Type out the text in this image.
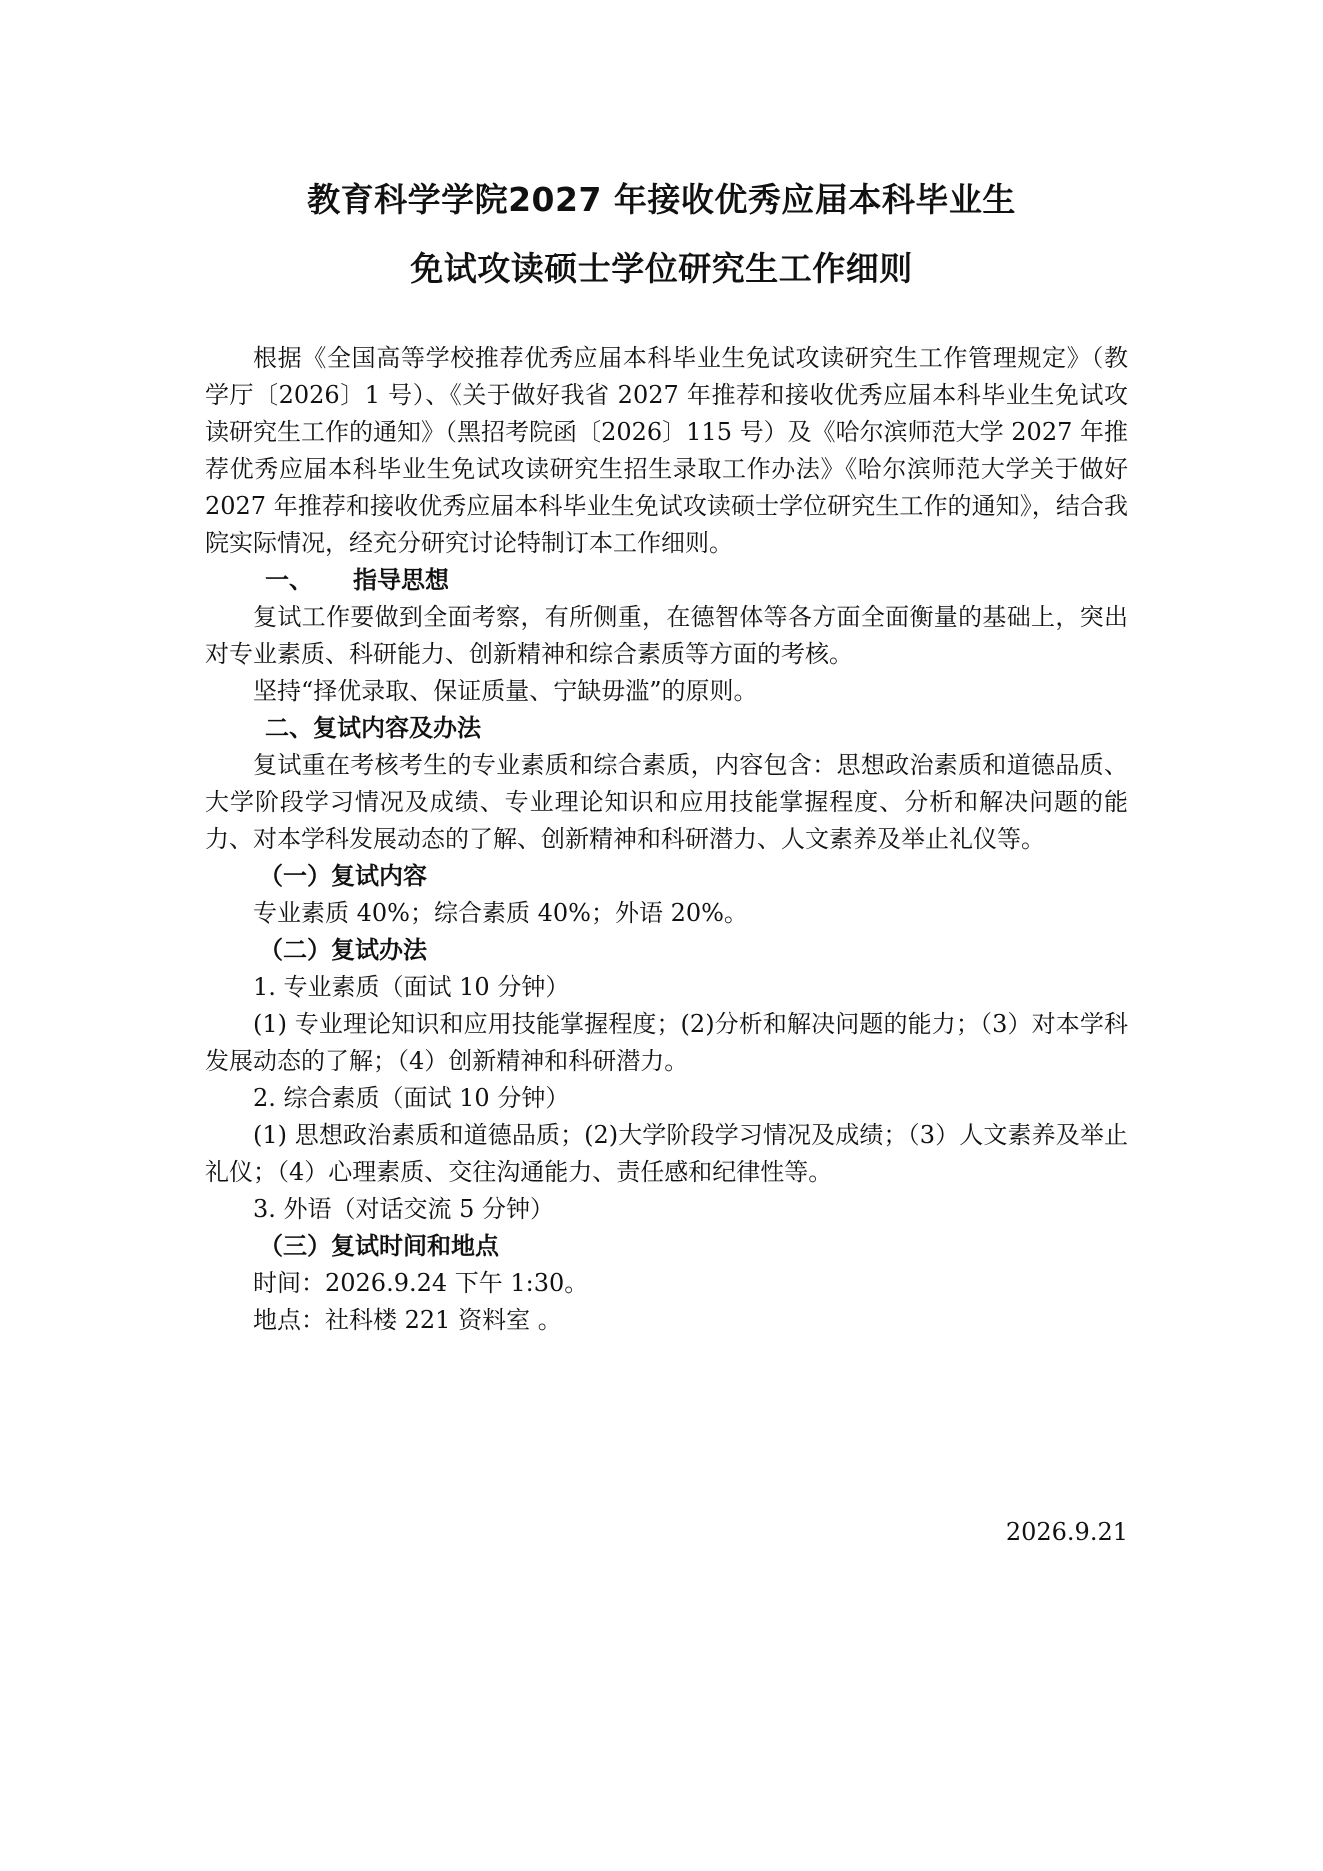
教育科学学院2027 年接收优秀应届本科毕业生
免试攻读硕士学位研究生工作细则

根据《全国高等学校推荐优秀应届本科毕业生免试攻读研究生工作管理规定》（教学厅〔2026〕1 号）、《关于做好我省 2027 年推荐和接收优秀应届本科毕业生免试攻读研究生工作的通知》（黑招考院函〔2026〕115 号）及《哈尔滨师范大学 2027 年推荐优秀应届本科毕业生免试攻读研究生招生录取工作办法》《哈尔滨师范大学关于做好 2027 年推荐和接收优秀应届本科毕业生免试攻读硕士学位研究生工作的通知》，结合我院实际情况，经充分研究讨论特制订本工作细则。

一、 指导思想

复试工作要做到全面考察，有所侧重，在德智体等各方面全面衡量的基础上，突出对专业素质、科研能力、创新精神和综合素质等方面的考核。

坚持“择优录取、保证质量、宁缺毋滥”的原则。

二、复试内容及办法

复试重在考核考生的专业素质和综合素质，内容包含：思想政治素质和道德品质、大学阶段学习情况及成绩、专业理论知识和应用技能掌握程度、分析和解决问题的能力、对本学科发展动态的了解、创新精神和科研潜力、人文素养及举止礼仪等。

（一）复试内容

专业素质 40%；综合素质 40%；外语 20%。

（二）复试办法

1. 专业素质（面试 10 分钟）

(1) 专业理论知识和应用技能掌握程度；(2)分析和解决问题的能力；（3）对本学科发展动态的了解；（4）创新精神和科研潜力。

2. 综合素质（面试 10 分钟）

(1) 思想政治素质和道德品质；(2)大学阶段学习情况及成绩；（3）人文素养及举止礼仪；（4）心理素质、交往沟通能力、责任感和纪律性等。

3. 外语（对话交流 5 分钟）

（三）复试时间和地点

时间：2026.9.24 下午 1:30。

地点：社科楼 221 资料室 。

2026.9.21
